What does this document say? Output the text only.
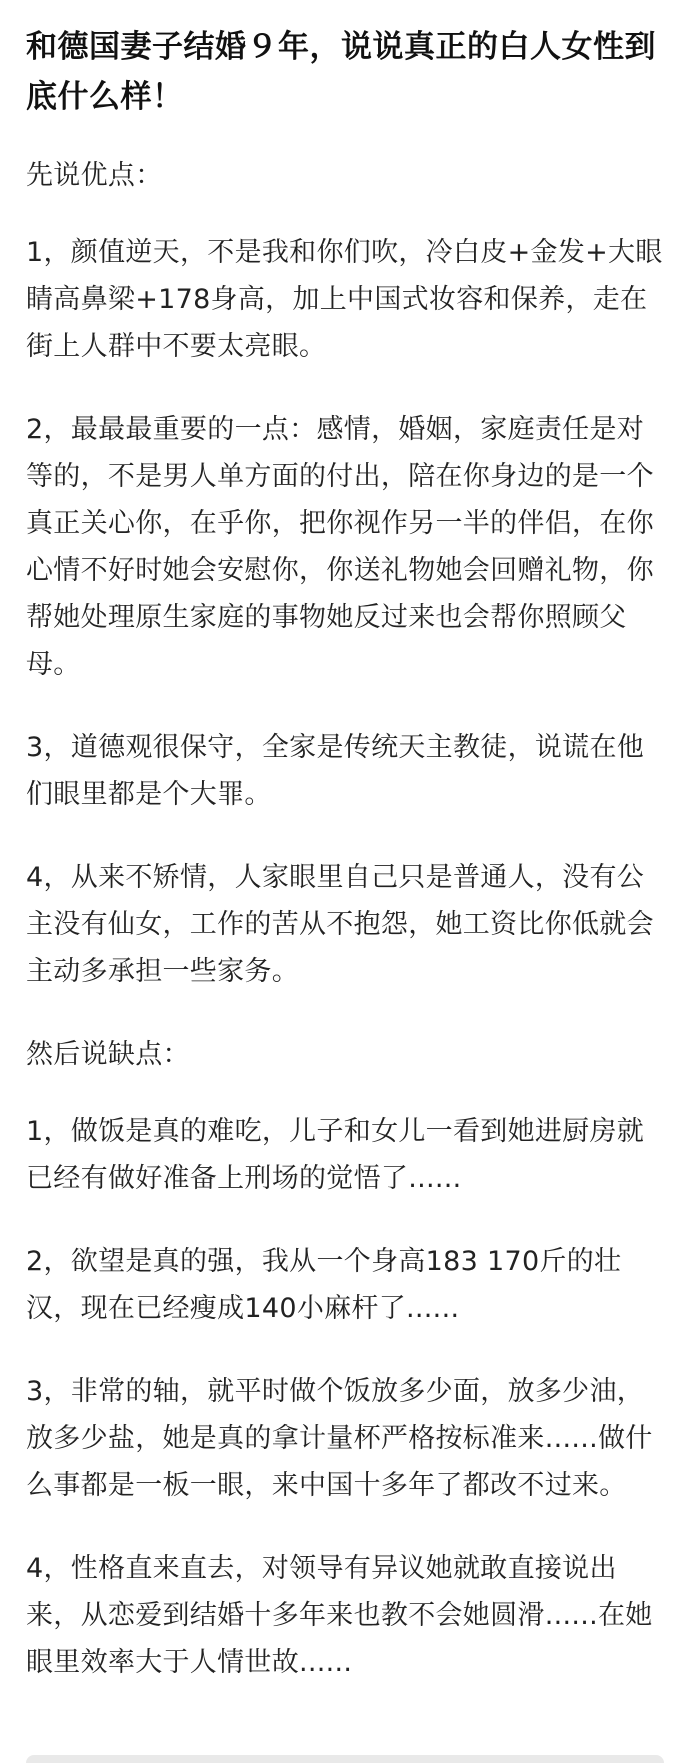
和德国妻子结婚９年，说说真正的白人女性到底什么样！

先说优点：

1，颜值逆天，不是我和你们吹，冷白皮+金发+大眼睛高鼻梁+178身高，加上中国式妆容和保养，走在街上人群中不要太亮眼。

2，最最最重要的一点：感情，婚姻，家庭责任是对等的，不是男人单方面的付出，陪在你身边的是一个真正关心你，在乎你，把你视作另一半的伴侣，在你心情不好时她会安慰你，你送礼物她会回赠礼物，你帮她处理原生家庭的事物她反过来也会帮你照顾父母。

3，道德观很保守，全家是传统天主教徒，说谎在他们眼里都是个大罪。

4，从来不矫情，人家眼里自己只是普通人，没有公主没有仙女，工作的苦从不抱怨，她工资比你低就会主动多承担一些家务。

然后说缺点：

1，做饭是真的难吃，儿子和女儿一看到她进厨房就已经有做好准备上刑场的觉悟了......

2，欲望是真的强，我从一个身高183 170斤的壮汉，现在已经瘦成140小麻杆了......

3，非常的轴，就平时做个饭放多少面，放多少油，放多少盐，她是真的拿计量杯严格按标准来......做什么事都是一板一眼，来中国十多年了都改不过来。

4，性格直来直去，对领导有异议她就敢直接说出来，从恋爱到结婚十多年来也教不会她圆滑......在她眼里效率大于人情世故......
